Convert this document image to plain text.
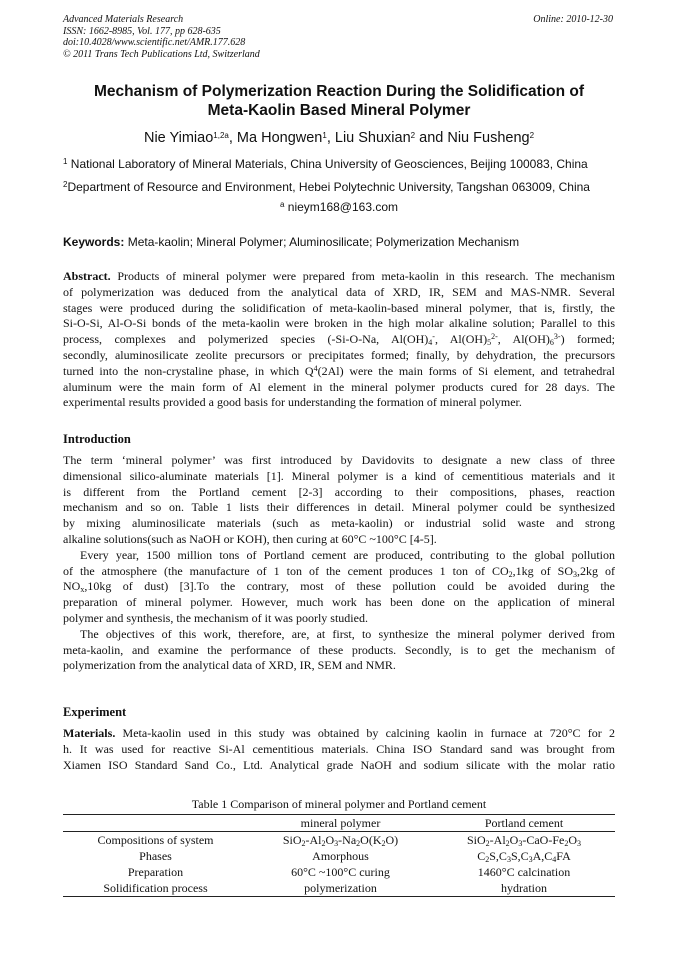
Advanced Materials Research
ISSN: 1662-8985, Vol. 177, pp 628-635
doi:10.4028/www.scientific.net/AMR.177.628
© 2011 Trans Tech Publications Ltd, Switzerland
Online: 2010-12-30
Mechanism of Polymerization Reaction During the Solidification of
Meta-Kaolin Based Mineral Polymer
Nie Yimiao$^{1,2a}$, Ma Hongwen$^1$, Liu Shuxian$^2$ and Niu Fusheng$^2$
$^1$ National Laboratory of Mineral Materials, China University of Geosciences, Beijing 100083, China
$^2$Department of Resource and Environment, Hebei Polytechnic University, Tangshan 063009, China
$^a$ nieym168@163.com
Keywords: Meta-kaolin; Mineral Polymer; Aluminosilicate; Polymerization Mechanism
Abstract. Products of mineral polymer were prepared from meta-kaolin in this research. The mechanism
of polymerization was deduced from the analytical data of XRD, IR, SEM and MAS-NMR. Several
stages were produced during the solidification of meta-kaolin-based mineral polymer, that is, firstly, the
Si-O-Si, Al-O-Si bonds of the meta-kaolin were broken in the high molar alkaline solution; Parallel to this
process, complexes and polymerized species (-Si-O-Na, $Al(OH)_4^-$, $Al(OH)_5^{2-}$, $Al(OH)_6^{3-}$) formed;
secondly, aluminosilicate zeolite precursors or precipitates formed; finally, by dehydration, the precursors
turned into the non-crystaline phase, in which $Q^4(2Al)$ were the main forms of Si element, and tetrahedral
aluminum were the main form of Al element in the mineral polymer products cured for 28 days. The
experimental results provided a good basis for understanding the formation of mineral polymer.
Introduction
The term ‘mineral polymer’ was first introduced by Davidovits to designate a new class of three
dimensional silico-aluminate materials [1]. Mineral polymer is a kind of cementitious materials and it
is different from the Portland cement [2-3] according to their compositions, phases, reaction
mechanism and so on. Table 1 lists their differences in detail. Mineral polymer could be synthesized
by mixing aluminosilicate materials (such as meta-kaolin) or industrial solid waste and strong
alkaline solutions(such as NaOH or KOH), then curing at 60°C ~100°C [4-5].
Every year, 1500 million tons of Portland cement are produced, contributing to the global pollution
of the atmosphere (the manufacture of 1 ton of the cement produces 1 ton of $CO_2,1kg$ of $SO_3,2kg$ of
$NO_x,10kg$ of dust) [3].To the contrary, most of these pollution could be avoided during the
preparation of mineral polymer. However, much work has been done on the application of mineral
polymer and synthesis, the mechanism of it was poorly studied.
The objectives of this work, therefore, are, at first, to synthesize the mineral polymer derived from
meta-kaolin, and examine the performance of these products. Secondly, is to get the mechanism of
polymerization from the analytical data of XRD, IR, SEM and NMR.
Experiment
Materials. Meta-kaolin used in this study was obtained by calcining kaolin in furnace at 720°C for 2
h. It was used for reactive Si-Al cementitious materials. China ISO Standard sand was brought from
Xiamen ISO Standard Sand Co., Ltd. Analytical grade NaOH and sodium silicate with the molar ratio
Table 1 Comparison of mineral polymer and Portland cement
	mineral polymer	Portland cement
Compositions of system	$SiO_2-Al_2O_3-Na_2O(K_2O)$	$SiO_2-Al_2O_3-CaO-Fe_2O_3$
Phases	Amorphous	$C_2S,C_3S,C_3A,C_4FA$
Preparation	60°C ~100°C curing	1460°C calcination
Solidification process	polymerization	hydration
